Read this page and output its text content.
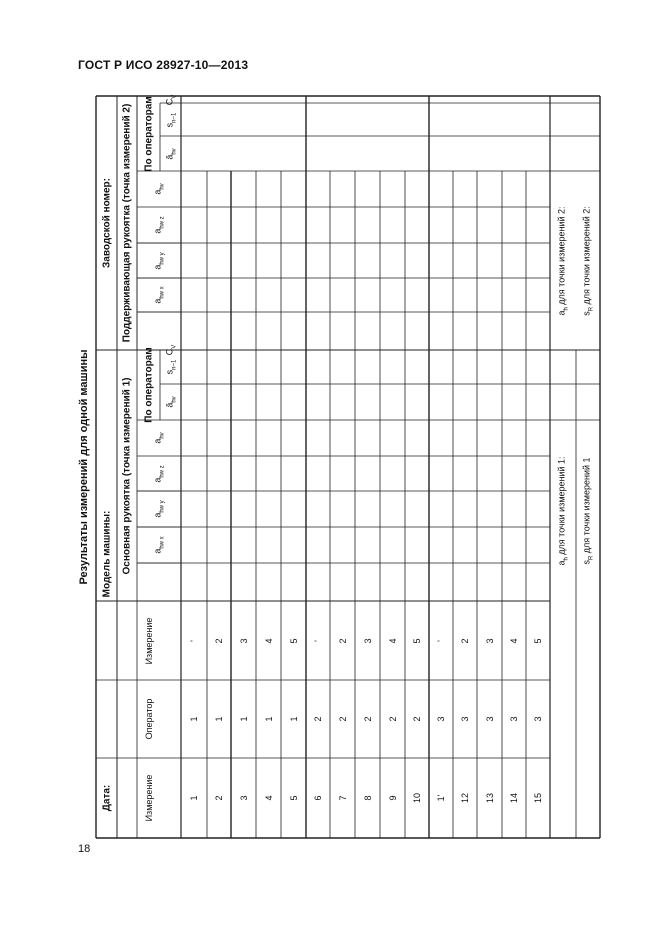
ГОСТ Р ИСО 28927-10—2013
18
Результаты измерений для одной машины
Дата:
Модель машины:
Заводской номер:
Основная рукоятка (точка измерений 1)
Поддерживающая рукоятка (точка измерений 2)
Измерение
Оператор
Измерение
По операторам
По операторам
$a_{hw x}$
$a_{hw y}$
$a_{hw z}$
$a_{hv}$
$ā_{hv}$
$s_{n-1}$
$C_V$
$a_{hw x}$
$a_{hw y}$
$a_{hw z}$
$a_{hv}$
$ā_{hv}$
$s_{n-1}$
$C_V$
1
1
'
2
1
2
3
1
3
4
1
4
5
1
5
6
2
'
7
2
2
8
2
3
9
2
4
10
2
5
1'
3
'
12
3
2
13
3
3
14
3
4
15
3
5
$a_h$ для точки измерений 1:
$s_R$ для точки измерений 1
$a_h$ для точки измерений 2:
$s_R$ для точки измерений 2:
